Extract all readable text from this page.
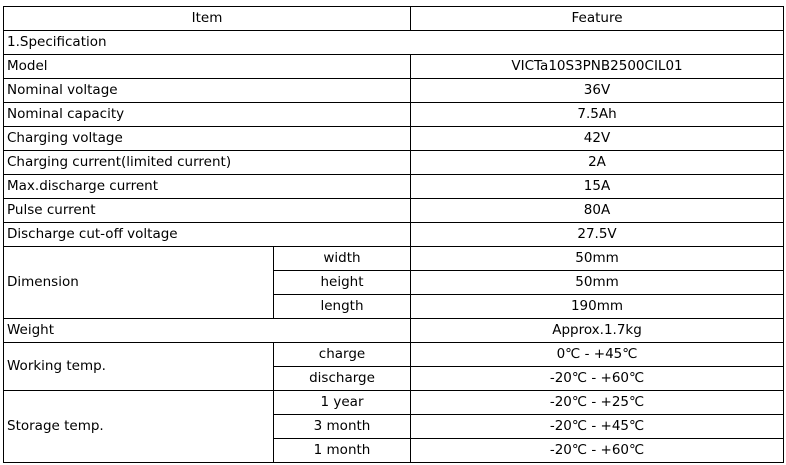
Item		Feature
1.Specification		
Model		VICTa10S3PNB2500CIL01
Nominal voltage		36V
Nominal capacity		7.5Ah
Charging voltage		42V
Charging current(limited current)		2A
Max.discharge current		15A
Pulse current		80A
Discharge cut-off voltage		27.5V
Dimension	width	50mm
	height	50mm
	length	190mm
Weight		Approx.1.7kg
Working temp.	charge	0℃ - +45℃
	discharge	-20℃ - +60℃
Storage temp.	1 year	-20℃ - +25℃
	3 month	-20℃ - +45℃
	1 month	-20℃ - +60℃
